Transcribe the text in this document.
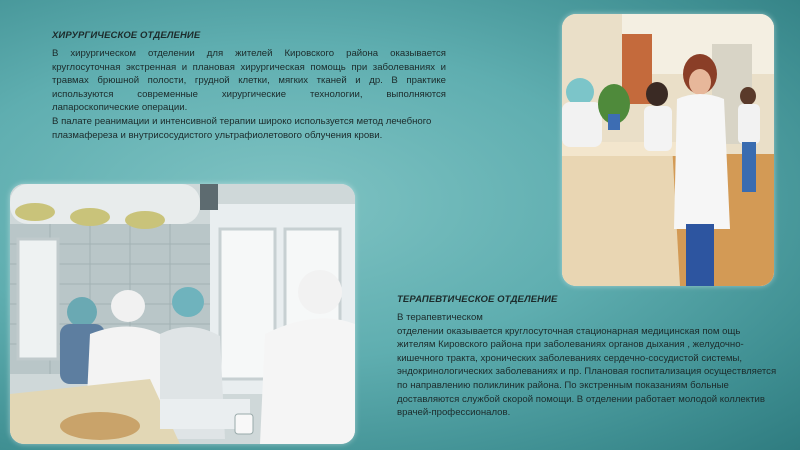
ХИРУРГИЧЕСКОЕ ОТДЕЛЕНИЕ

В хирургическом отделении для жителей Кировского района оказывается круглосуточная экстренная и плановая хирургическая помощь при заболеваниях и травмах брюшной полости, грудной клетки, мягких тканей и др. В практике используются современные хирургические технологии, выполняются лапароскопические операции.

В палате реанимации и интенсивной терапии широко используется метод лечебного плазмафереза и внутрисосудистого ультрафиолетового облучения крови.

ТЕРАПЕВТИЧЕСКОЕ ОТДЕЛЕНИЕ

В терапевтическом

отделении оказывается круглосуточная стационарная медицинская пом ощь жителям Кировского района при заболеваниях органов дыхания , желудочно-кишечного тракта, хронических заболеваниях сердечно-сосудистой системы, эндокринологических заболеваниях и пр. Плановая госпитализация осуществляется по направлению поликлиник района. По экстренным показаниям больные доставляются службой скорой помощи. В отделении работает молодой коллектив врачей-профессионалов.
